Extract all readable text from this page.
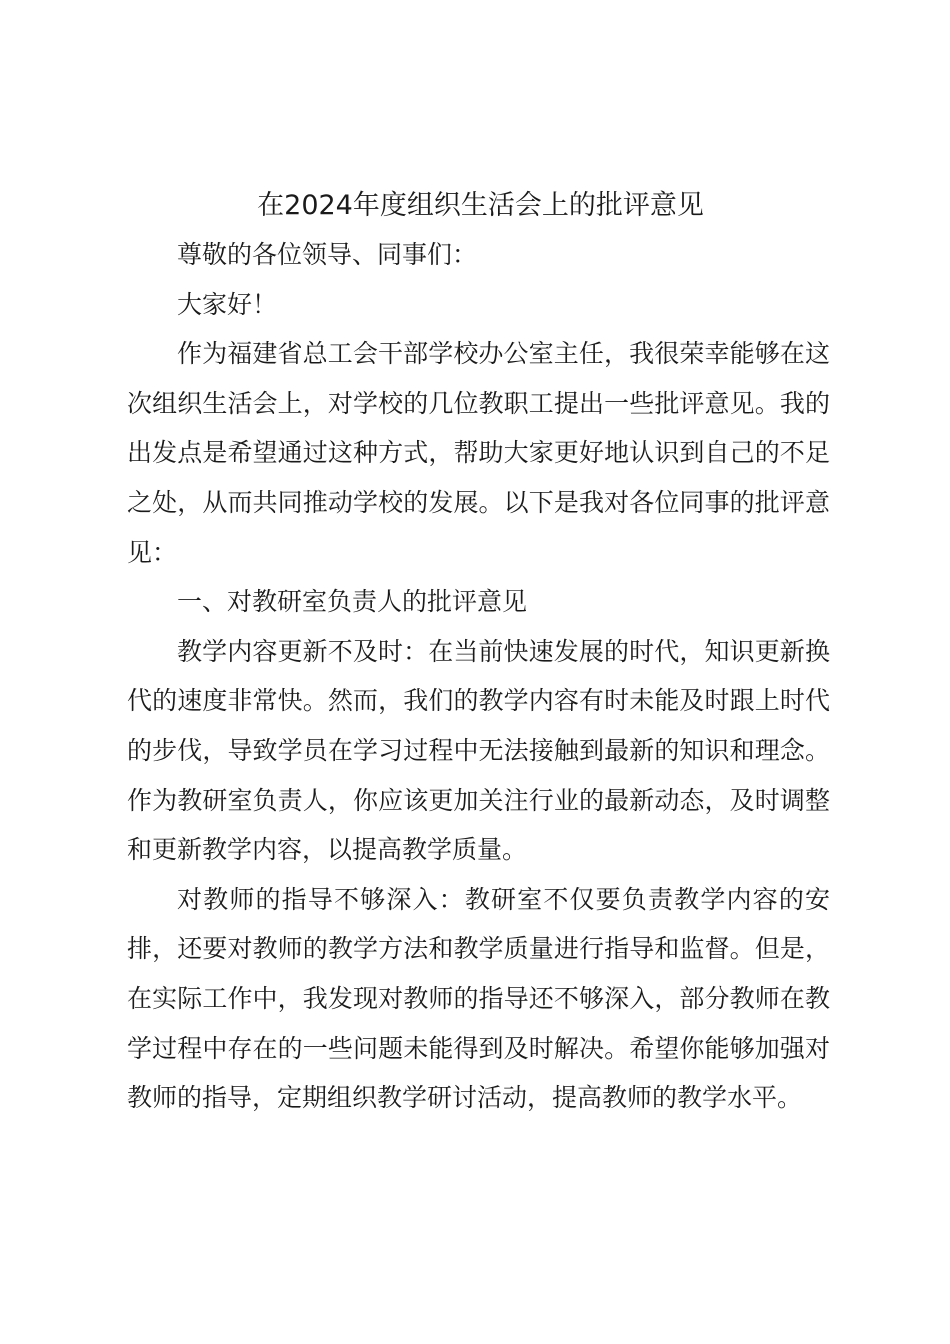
在2024年度组织生活会上的批评意见

尊敬的各位领导、同事们：

大家好！

作为福建省总工会干部学校办公室主任，我很荣幸能够在这次组织生活会上，对学校的几位教职工提出一些批评意见。我的出发点是希望通过这种方式，帮助大家更好地认识到自己的不足之处，从而共同推动学校的发展。以下是我对各位同事的批评意见：

一、对教研室负责人的批评意见

教学内容更新不及时：在当前快速发展的时代，知识更新换代的速度非常快。然而，我们的教学内容有时未能及时跟上时代的步伐，导致学员在学习过程中无法接触到最新的知识和理念。作为教研室负责人，你应该更加关注行业的最新动态，及时调整和更新教学内容，以提高教学质量。

对教师的指导不够深入：教研室不仅要负责教学内容的安排，还要对教师的教学方法和教学质量进行指导和监督。但是，在实际工作中，我发现对教师的指导还不够深入，部分教师在教学过程中存在的一些问题未能得到及时解决。希望你能够加强对教师的指导，定期组织教学研讨活动，提高教师的教学水平。
